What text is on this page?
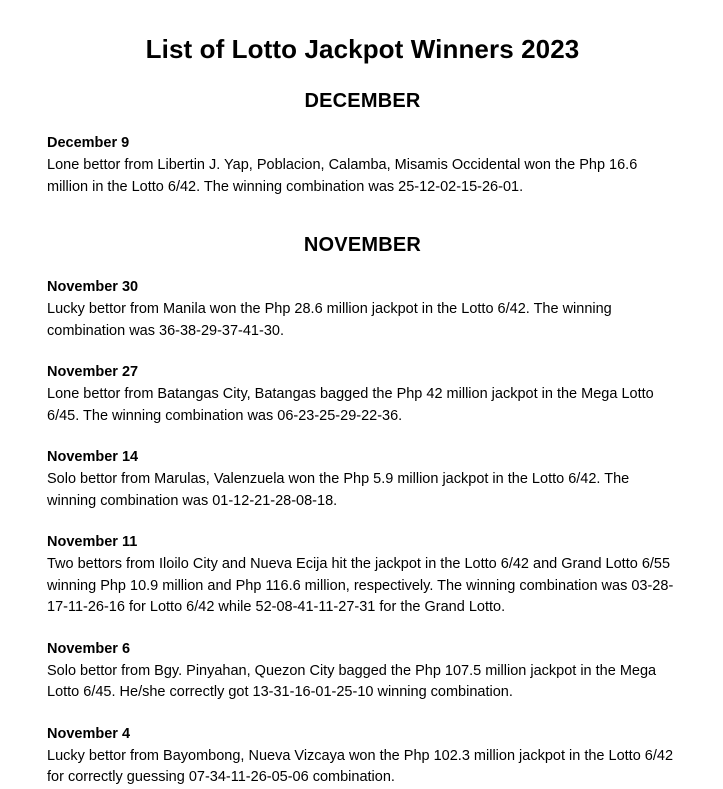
List of Lotto Jackpot Winners 2023
DECEMBER
December 9

Lone bettor from Libertin J. Yap, Poblacion, Calamba, Misamis Occidental won the Php 16.6 million in the Lotto 6/42. The winning combination was 25-12-02-15-26-01.

NOVEMBER
November 30

Lucky bettor from Manila won the Php 28.6 million jackpot in the Lotto 6/42. The winning combination was 36-38-29-37-41-30.

November 27

Lone bettor from Batangas City, Batangas bagged the Php 42 million jackpot in the Mega Lotto 6/45. The winning combination was 06-23-25-29-22-36.

November 14

Solo bettor from Marulas, Valenzuela won the Php 5.9 million jackpot in the Lotto 6/42. The winning combination was 01-12-21-28-08-18.

November 11

Two bettors from Iloilo City and Nueva Ecija hit the jackpot in the Lotto 6/42 and Grand Lotto 6/55 winning Php 10.9 million and Php 116.6 million, respectively. The winning combination was 03-28-17-11-26-16 for Lotto 6/42 while 52-08-41-11-27-31 for the Grand Lotto.

November 6

Solo bettor from Bgy. Pinyahan, Quezon City bagged the Php 107.5 million jackpot in the Mega Lotto 6/45. He/she correctly got 13-31-16-01-25-10 winning combination.

November 4

Lucky bettor from Bayombong, Nueva Vizcaya won the Php 102.3 million jackpot in the Lotto 6/42 for correctly guessing 07-34-11-26-05-06 combination.
